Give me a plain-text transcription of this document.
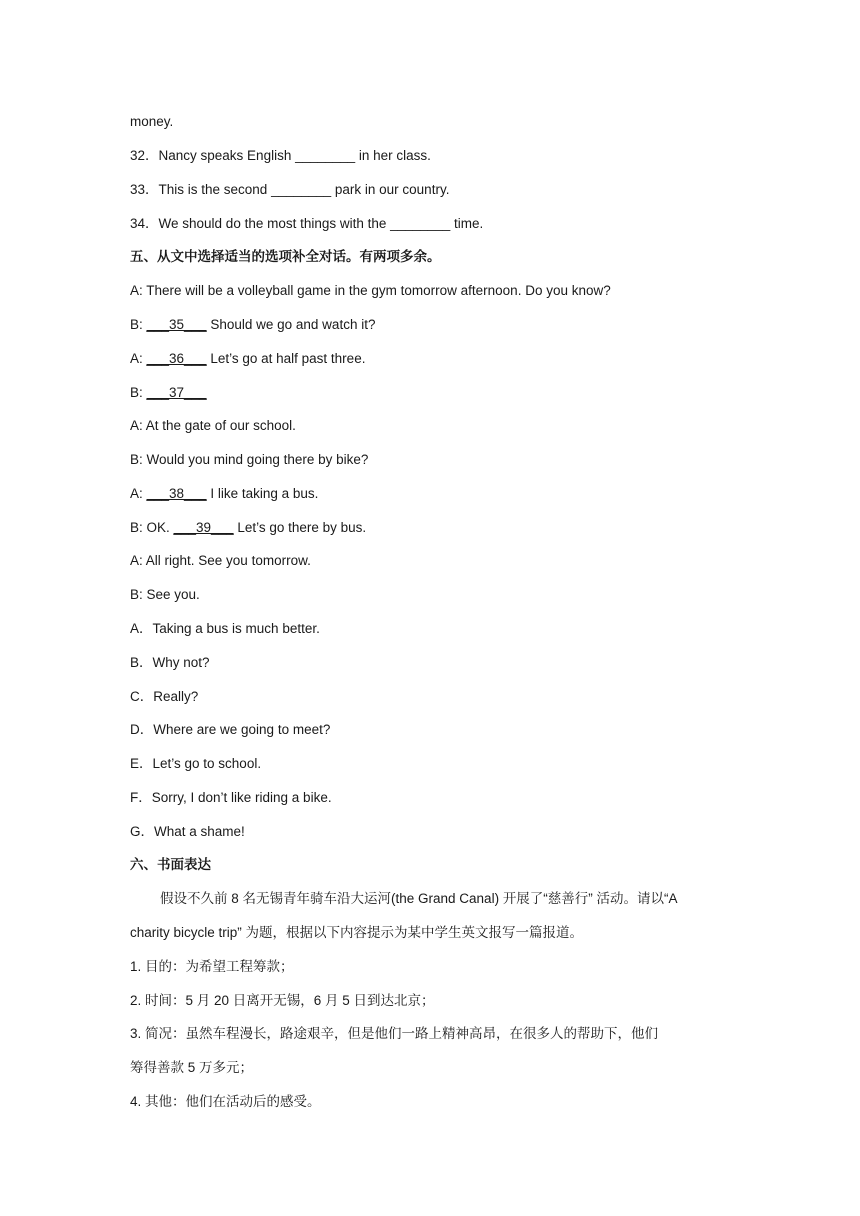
money.
32．Nancy speaks English ________ in her class.
33．This is the second ________ park in our country.
34．We should do the most things with the ________ time.
五、从文中选择适当的选项补全对话。有两项多余。
A: There will be a volleyball game in the gym tomorrow afternoon. Do you know?
B: ___35___ Should we go and watch it?
A: ___36___ Let’s go at half past three.
B: ___37___
A: At the gate of our school.
B: Would you mind going there by bike?
A: ___38___ I like taking a bus.
B: OK. ___39___ Let’s go there by bus.
A: All right. See you tomorrow.
B: See you.
A．Taking a bus is much better.
B．Why not?
C．Really?
D．Where are we going to meet?
E．Let’s go to school.
F．Sorry, I don’t like riding a bike.
G．What a shame!
六、书面表达
假设不久前 8 名无锡青年骑车沿大运河(the Grand Canal) 开展了“慈善行” 活动。请以“A
charity bicycle trip” 为题，根据以下内容提示为某中学生英文报写一篇报道。
1. 目的：为希望工程筹款；
2. 时间：5 月 20 日离开无锡，6 月 5 日到达北京；
3. 简况：虽然车程漫长，路途艰辛，但是他们一路上精神高昂，在很多人的帮助下，他们
筹得善款 5 万多元；
4. 其他：他们在活动后的感受。
